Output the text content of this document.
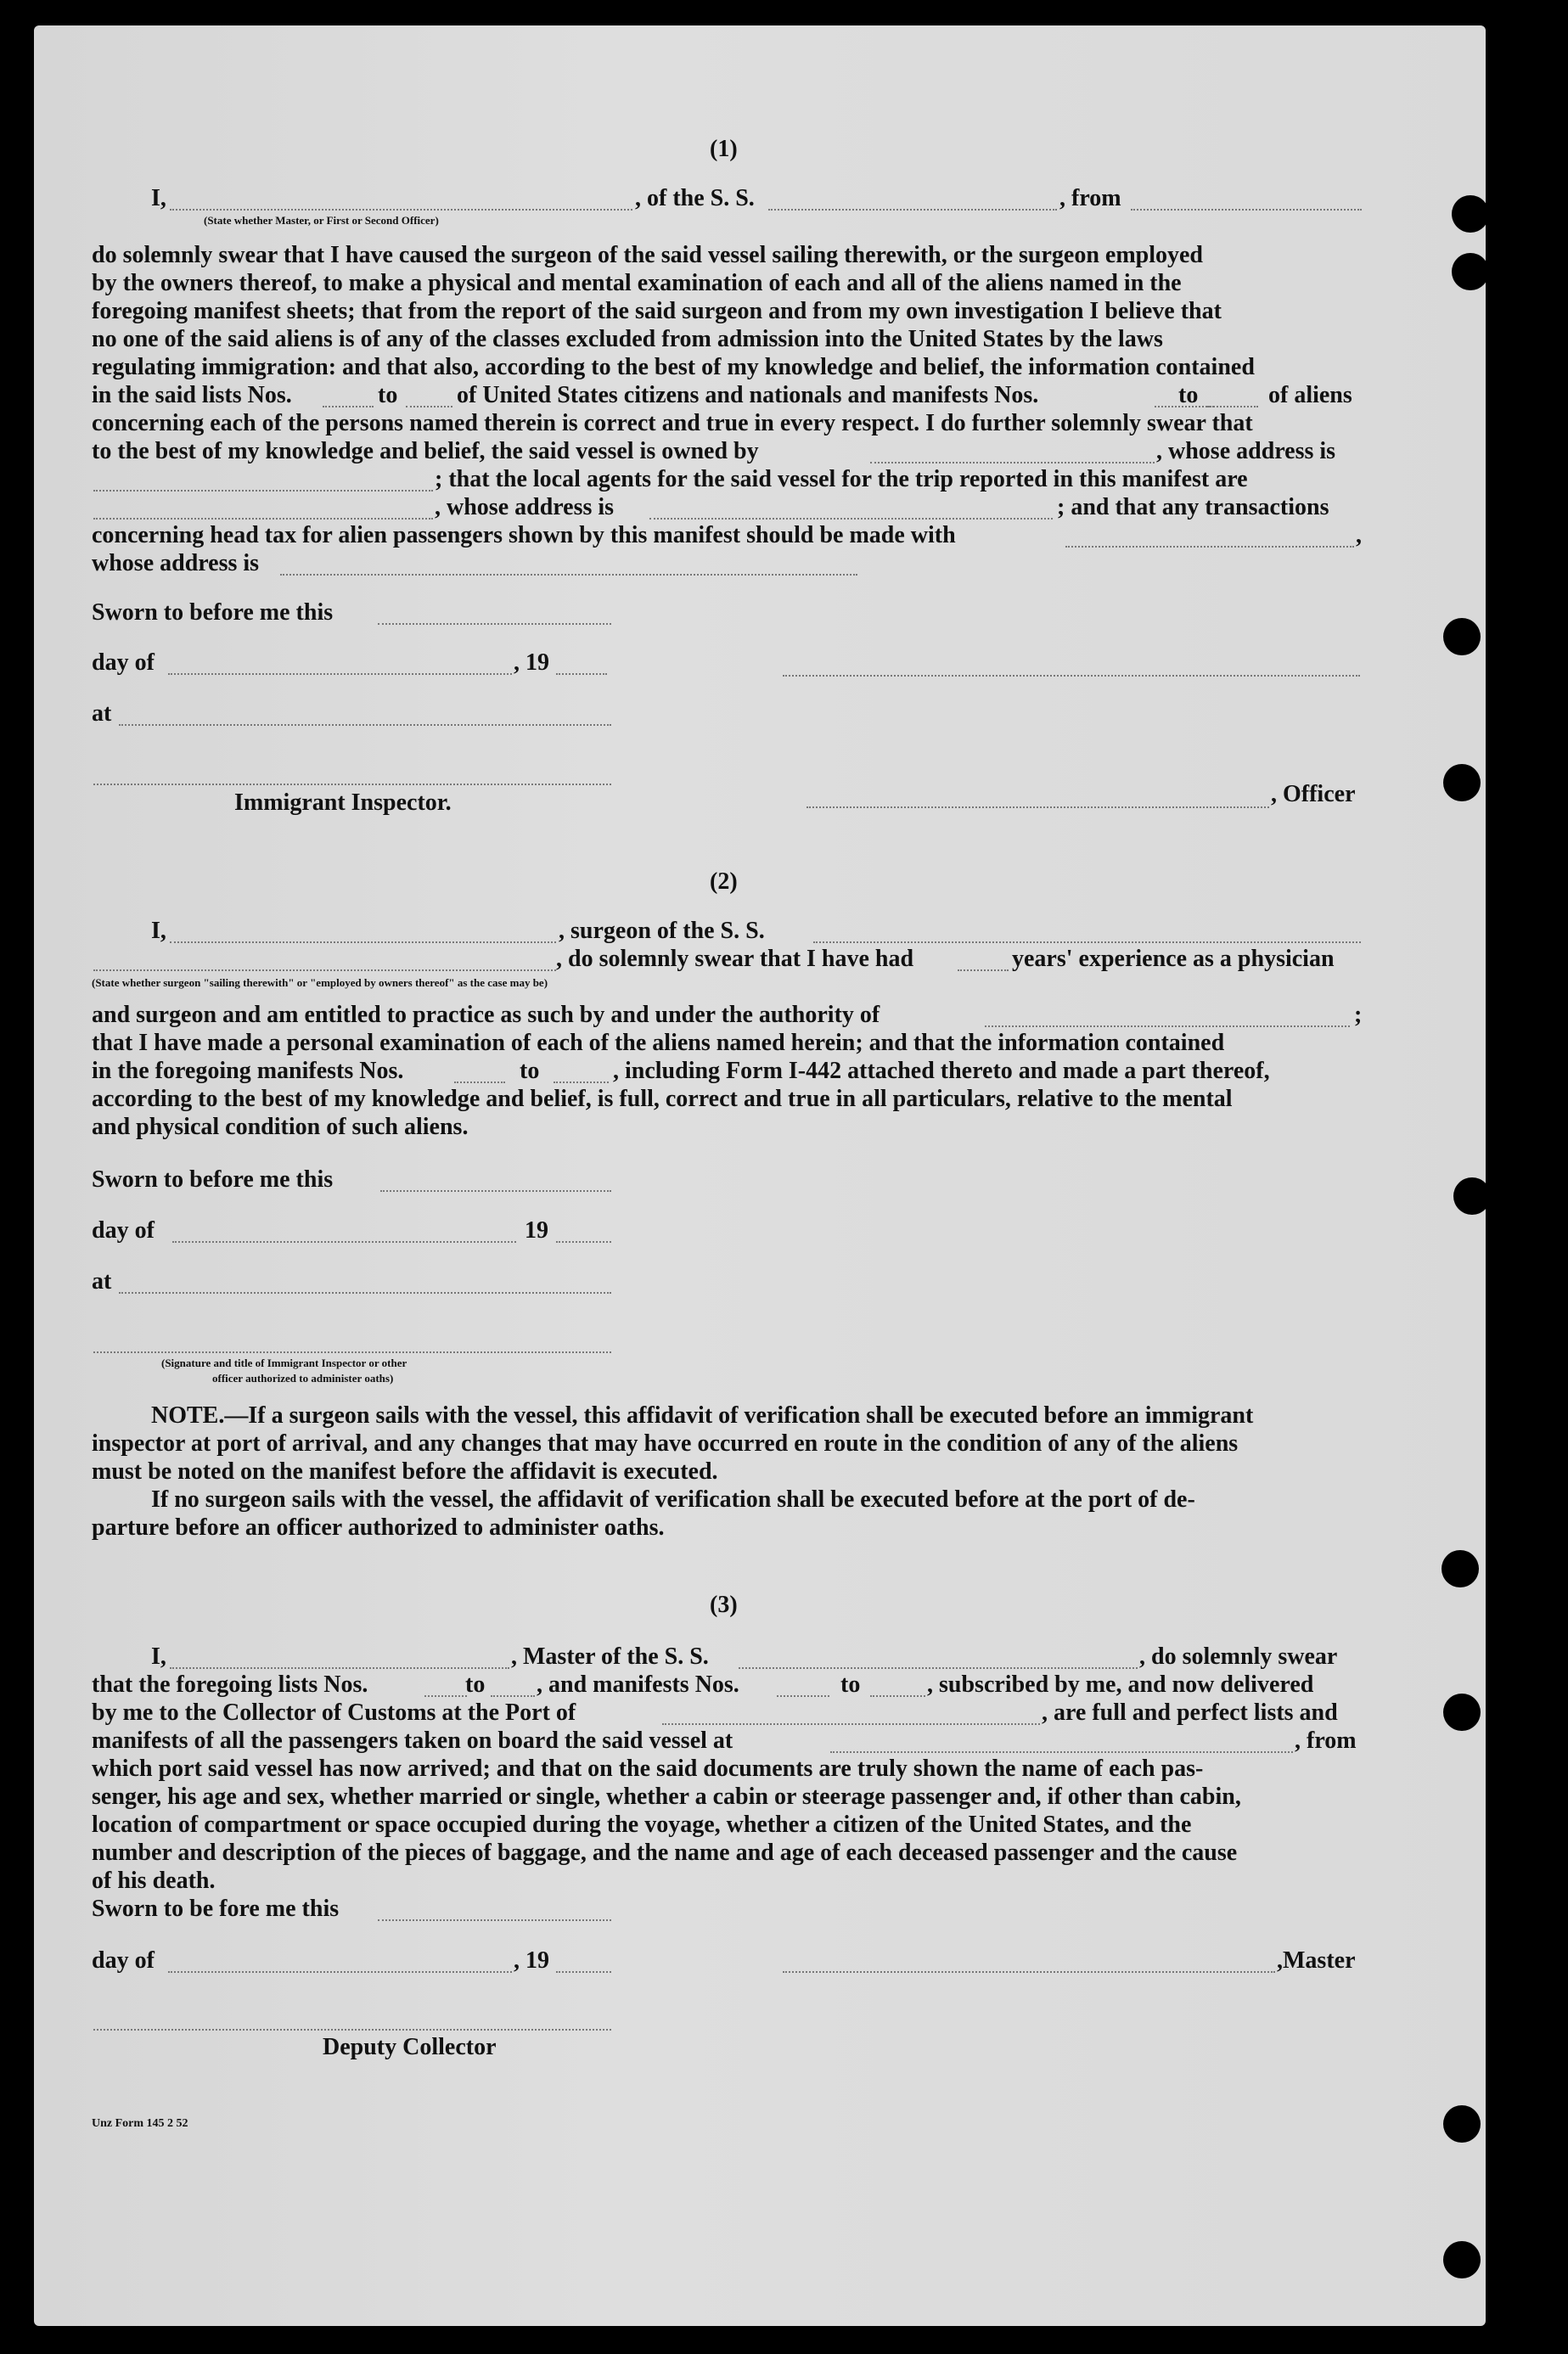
(1)
I,
(State whether Master, or First or Second Officer)
, of the S. S.	, from
do solemnly swear that I have caused the surgeon of the said vessel sailing therewith, or the surgeon employed
by the owners thereof, to make a physical and mental examination of each and all of the aliens named in the
foregoing manifest sheets; that from the report of the said surgeon and from my own investigation I believe that
no one of the said aliens is of any of the classes excluded from admission into the United States by the laws
regulating immigration: and that also, according to the best of my knowledge and belief, the information contained
in the said lists Nos.	to of United States citizens and nationals and manifests Nos.	to	of aliens
concerning each of the persons named therein is correct and true in every respect. I do further solemnly swear that
to the best of my knowledge and belief, the said vessel is owned by	, whose address is
; that the local agents for the said vessel for the trip reported in this manifest are
, whose address is	; and that any transactions
concerning head tax for alien passengers shown by this manifest should be made with	,
whose address is
Sworn to before me this
day of	, 19
at
Immigrant Inspector.	, Officer
(2)
I,	, surgeon of the S. S.
, do solemnly swear that I have had	years' experience as a physician
(State whether surgeon "sailing therewith" or "employed by owners thereof" as the case may be)
and surgeon and am entitled to practice as such by and under the authority of	;
that I have made a personal examination of each of the aliens named herein; and that the information contained
in the foregoing manifests Nos.	to	, including Form I-442 attached thereto and made a part thereof,
according to the best of my knowledge and belief, is full, correct and true in all particulars, relative to the mental
and physical condition of such aliens.
Sworn to before me this
day of	19
at
(Signature and title of Immigrant Inspector or other
officer authorized to administer oaths)
NOTE.—If a surgeon sails with the vessel, this affidavit of verification shall be executed before an immigrant
inspector at port of arrival, and any changes that may have occurred en route in the condition of any of the aliens
must be noted on the manifest before the affidavit is executed.
If no surgeon sails with the vessel, the affidavit of verification shall be executed before at the port of de-
parture before an officer authorized to administer oaths.
(3)
I,	, Master of the S. S.	, do solemnly swear
that the foregoing lists Nos.	to , and manifests Nos.	to	, subscribed by me, and now delivered
by me to the Collector of Customs at the Port of	, are full and perfect lists and
manifests of all the passengers taken on board the said vessel at	, from
which port said vessel has now arrived; and that on the said documents are truly shown the name of each pas-
senger, his age and sex, whether married or single, whether a cabin or steerage passenger and, if other than cabin,
location of compartment or space occupied during the voyage, whether a citizen of the United States, and the
number and description of the pieces of baggage, and the name and age of each deceased passenger and the cause
of his death.
Sworn to be fore me this
day of	, 19	,Master
Deputy Collector
Unz Form 145 2 52
